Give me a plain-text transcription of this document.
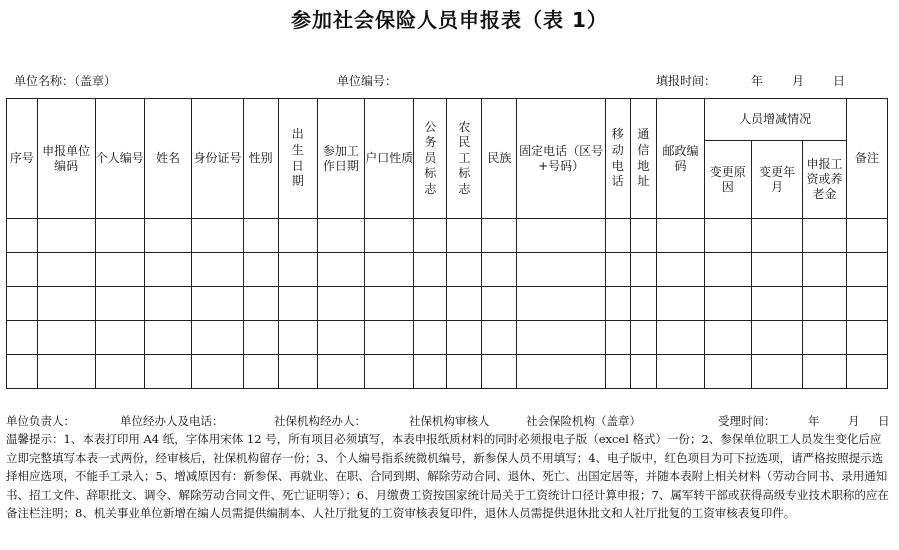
参加社会保险人员申报表（表 1）
单位名称：（盖章）	单位编号：	填报时间：	年 月 日
序号	申报单位编码	个人编号	姓名	身份证号	性别	出生日期	参加工作日期	户口性质	公务员标志	农民工标志	民族	固定电话（区号+号码）	移动电话	通信地址	邮政编码	人员增减情况			备注
																变更原因	变更年月	申报工资或养老金	

单位负责人：	单位经办人及电话：	社保机构经办人：	社保机构审核人	社会保险机构（盖章）	受理时间：	年 月 日

温馨提示：1、本表打印用 A4 纸，字体用宋体 12 号，所有项目必须填写，本表申报纸质材料的同时必须报电子版（excel 格式）一份；2、参保单位职工人员发生变化后应立即完整填写本表一式两份，经审核后，社保机构留存一份；3、个人编号指系统微机编号，新参保人员不用填写；4、电子版中，红色项目为可下拉选项，请严格按照提示选择相应选项，不能手工录入；5、增减原因有：新参保、再就业、在职、合同到期、解除劳动合同、退休、死亡、出国定居等，并随本表附上相关材料（劳动合同书、录用通知书、招工文件、辞职批文、调令、解除劳动合同文件、死亡证明等）；6、月缴费工资按国家统计局关于工资统计口径计算申报；7、属军转干部或获得高级专业技术职称的应在备注栏注明；8、机关事业单位新增在编人员需提供编制本、人社厅批复的工资审核表复印件，退休人员需提供退休批文和人社厅批复的工资审核表复印件。
